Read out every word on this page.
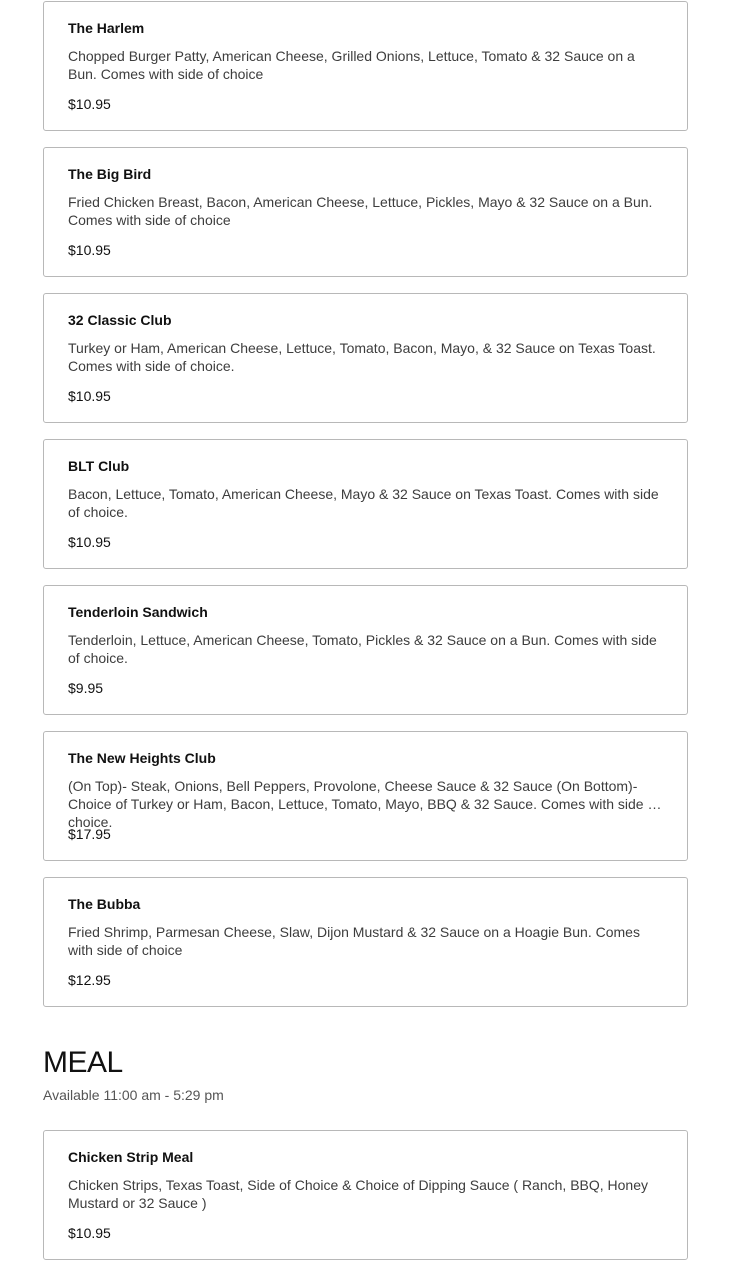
The Harlem
Chopped Burger Patty, American Cheese, Grilled Onions, Lettuce, Tomato & 32 Sauce on a Bun. Comes with side of choice
$10.95
The Big Bird
Fried Chicken Breast, Bacon, American Cheese, Lettuce, Pickles, Mayo & 32 Sauce on a Bun. Comes with side of choice
$10.95
32 Classic Club
Turkey or Ham, American Cheese, Lettuce, Tomato, Bacon, Mayo, & 32 Sauce on Texas Toast. Comes with side of choice.
$10.95
BLT Club
Bacon, Lettuce, Tomato, American Cheese, Mayo & 32 Sauce on Texas Toast. Comes with side of choice.
$10.95
Tenderloin Sandwich
Tenderloin, Lettuce, American Cheese, Tomato, Pickles & 32 Sauce on a Bun. Comes with side of choice.
$9.95
The New Heights Club
(On Top)- Steak, Onions, Bell Peppers, Provolone, Cheese Sauce & 32 Sauce (On Bottom)- Choice of Turkey or Ham, Bacon, Lettuce, Tomato, Mayo, BBQ & 32 Sauce. Comes with side of choice.
$17.95
The Bubba
Fried Shrimp, Parmesan Cheese, Slaw, Dijon Mustard & 32 Sauce on a Hoagie Bun. Comes with side of choice
$12.95
MEAL
Available 11:00 am - 5:29 pm
Chicken Strip Meal
Chicken Strips, Texas Toast, Side of Choice & Choice of Dipping Sauce ( Ranch, BBQ, Honey Mustard or 32 Sauce )
$10.95
